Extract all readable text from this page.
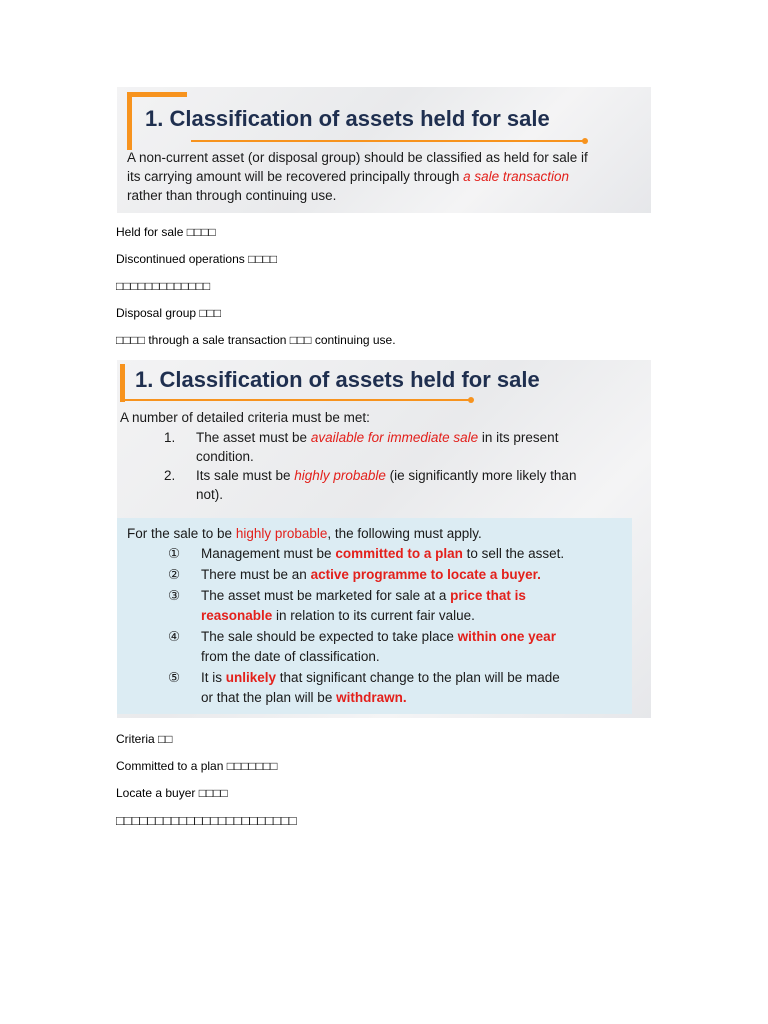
1. Classification of assets held for sale
A non-current asset (or disposal group) should be classified as held for sale if
its carrying amount will be recovered principally through a sale transaction
rather than through continuing use.
Held for sale □□□□
Discontinued operations □□□□
□□□□□□□□□□□□□
Disposal group □□□
□□□□ through a sale transaction □□□ continuing use.
1. Classification of assets held for sale
A number of detailed criteria must be met:
1. The asset must be available for immediate sale in its present
condition.
2. Its sale must be highly probable (ie significantly more likely than
not).
For the sale to be highly probable, the following must apply.
① Management must be committed to a plan to sell the asset.
② There must be an active programme to locate a buyer.
③ The asset must be marketed for sale at a price that is
reasonable in relation to its current fair value.
④ The sale should be expected to take place within one year
from the date of classification.
⑤ It is unlikely that significant change to the plan will be made
or that the plan will be withdrawn.
Criteria □□
Committed to a plan □□□□□□□
Locate a buyer □□□□
□□□□□□□□□□□□□□□□□□□□□□□
